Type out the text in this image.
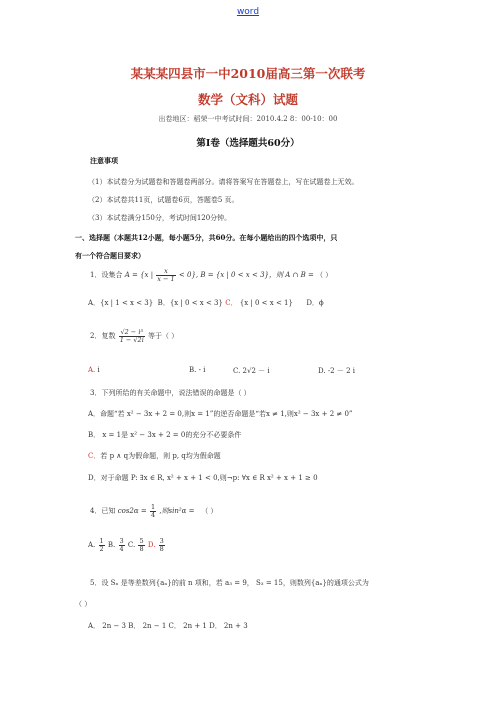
word
某某某四县市一中2010届高三第一次联考
数学（文科）试题
出卷地区：稻荣一中考试时间：2010.4.2 8：00-10：00
第Ⅰ卷（选择题共60分）
注意事项
（1）本试卷分为试题卷和答题卷两部分。请将答案写在答题卷上，写在试题卷上无效。
（2）本试卷共11页，试题卷6页，答题卷5 页。
（3）本试卷满分150分，考试时间120分钟。
一、选择题（本题共12小题，每小题5分，共60分。在每小题给出的四个选项中，只
有一个符合题目要求）
1．设集合 A = {x | $\frac{x}{x - 1} < 0$}, B = {x | 0 < x < 3}，则 A ∩ B = （ ）
A．{x | 1 < x < 3} B．{x | 0 < x < 3} C． {x | 0 < x < 1} D．ϕ
2．复数 $\frac{\text{√2 − i³}}{1 - √2i}$ 等于（ ）
A. i	B. - i	C. 2√2 － i	D. -2 － 2 i
3．下列所给的有关命题中，说法错误的命题是（ ）
A．命题“若 x² − 3x + 2 = 0,则x = 1”的逆否命题是“若x ≠ 1,则x² − 3x + 2 ≠ 0”
B． x = 1是 x² − 3x + 2 = 0的充分不必要条件
C．若 p ∧ q为假命题，则 p, q均为假命题
D．对于命题 P: ∃x ∈ R, x² + x + 1 < 0,则¬p: ∀x ∈ R x² + x + 1 ≥ 0
4．已知 $\cos 2\alpha = \frac{1}{4}$ ,则sin²α = （ ）
A. $\frac{1}{2} B$. $\frac{3}{4} C$. $\frac{5}{8} D$. $\frac{3}{8}$
5．设 Sₙ 是等差数列{aₙ}的前 n 项和，若 a₃ = 9， S₃ = 15，则数列{aₙ}的通项公式为
（ ）
A． 2n − 3 B． 2n − 1 C． 2n + 1 D． 2n + 3
